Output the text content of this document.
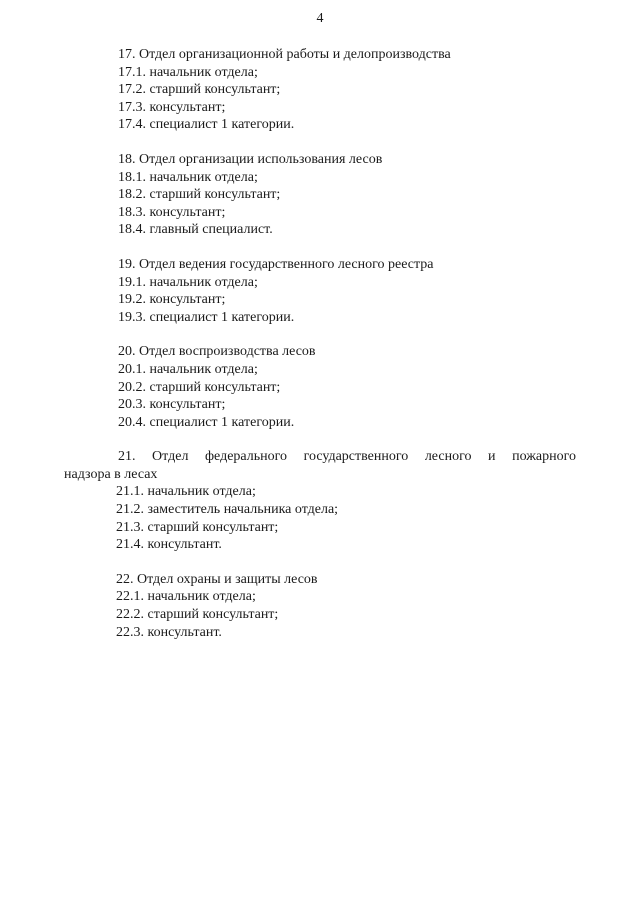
4
17. Отдел организационной работы и делопроизводства
17.1. начальник отдела;
17.2. старший консультант;
17.3. консультант;
17.4. специалист 1 категории.
18. Отдел организации использования лесов
18.1. начальник отдела;
18.2. старший консультант;
18.3. консультант;
18.4. главный специалист.
19. Отдел ведения государственного лесного реестра
19.1. начальник отдела;
19.2. консультант;
19.3. специалист 1 категории.
20. Отдел воспроизводства лесов
20.1. начальник отдела;
20.2. старший консультант;
20.3. консультант;
20.4. специалист 1 категории.
21. Отдел федерального государственного лесного и пожарного
надзора в лесах
21.1. начальник отдела;
21.2. заместитель начальника отдела;
21.3. старший консультант;
21.4. консультант.
22. Отдел охраны и защиты лесов
22.1. начальник отдела;
22.2. старший консультант;
22.3. консультант.
